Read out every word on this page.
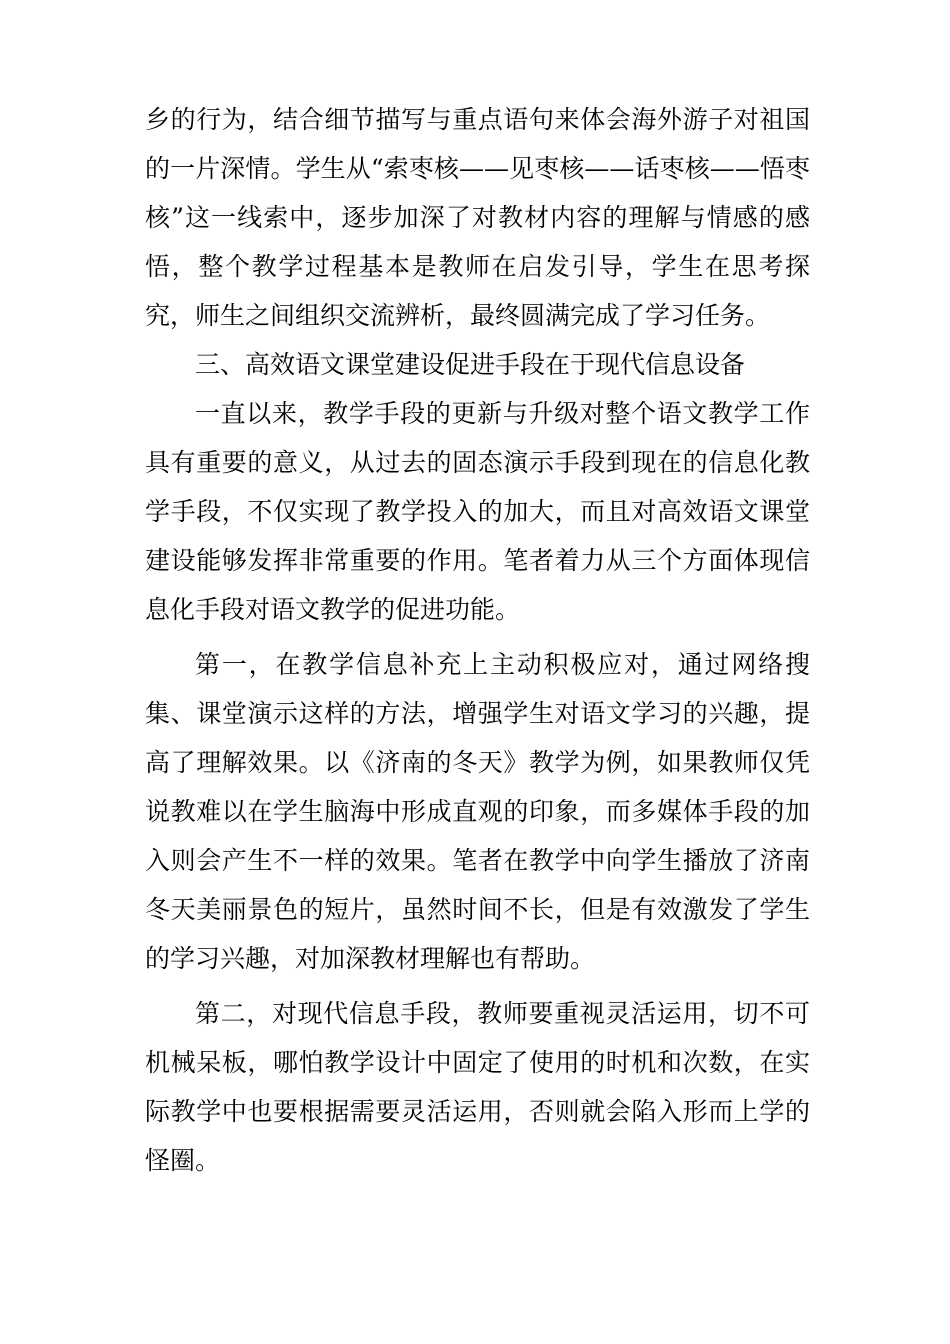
乡的行为，结合细节描写与重点语句来体会海外游子对祖国的一片深情。学生从“索枣核——见枣核——话枣核——悟枣核”这一线索中，逐步加深了对教材内容的理解与情感的感悟，整个教学过程基本是教师在启发引导，学生在思考探究，师生之间组织交流辨析，最终圆满完成了学习任务。

三、高效语文课堂建设促进手段在于现代信息设备

一直以来，教学手段的更新与升级对整个语文教学工作具有重要的意义，从过去的固态演示手段到现在的信息化教学手段，不仅实现了教学投入的加大，而且对高效语文课堂建设能够发挥非常重要的作用。笔者着力从三个方面体现信息化手段对语文教学的促进功能。

第一，在教学信息补充上主动积极应对，通过网络搜集、课堂演示这样的方法，增强学生对语文学习的兴趣，提高了理解效果。以《济南的冬天》教学为例，如果教师仅凭说教难以在学生脑海中形成直观的印象，而多媒体手段的加入则会产生不一样的效果。笔者在教学中向学生播放了济南冬天美丽景色的短片，虽然时间不长，但是有效激发了学生的学习兴趣，对加深教材理解也有帮助。

第二，对现代信息手段，教师要重视灵活运用，切不可机械呆板，哪怕教学设计中固定了使用的时机和次数，在实际教学中也要根据需要灵活运用，否则就会陷入形而上学的怪圈。
